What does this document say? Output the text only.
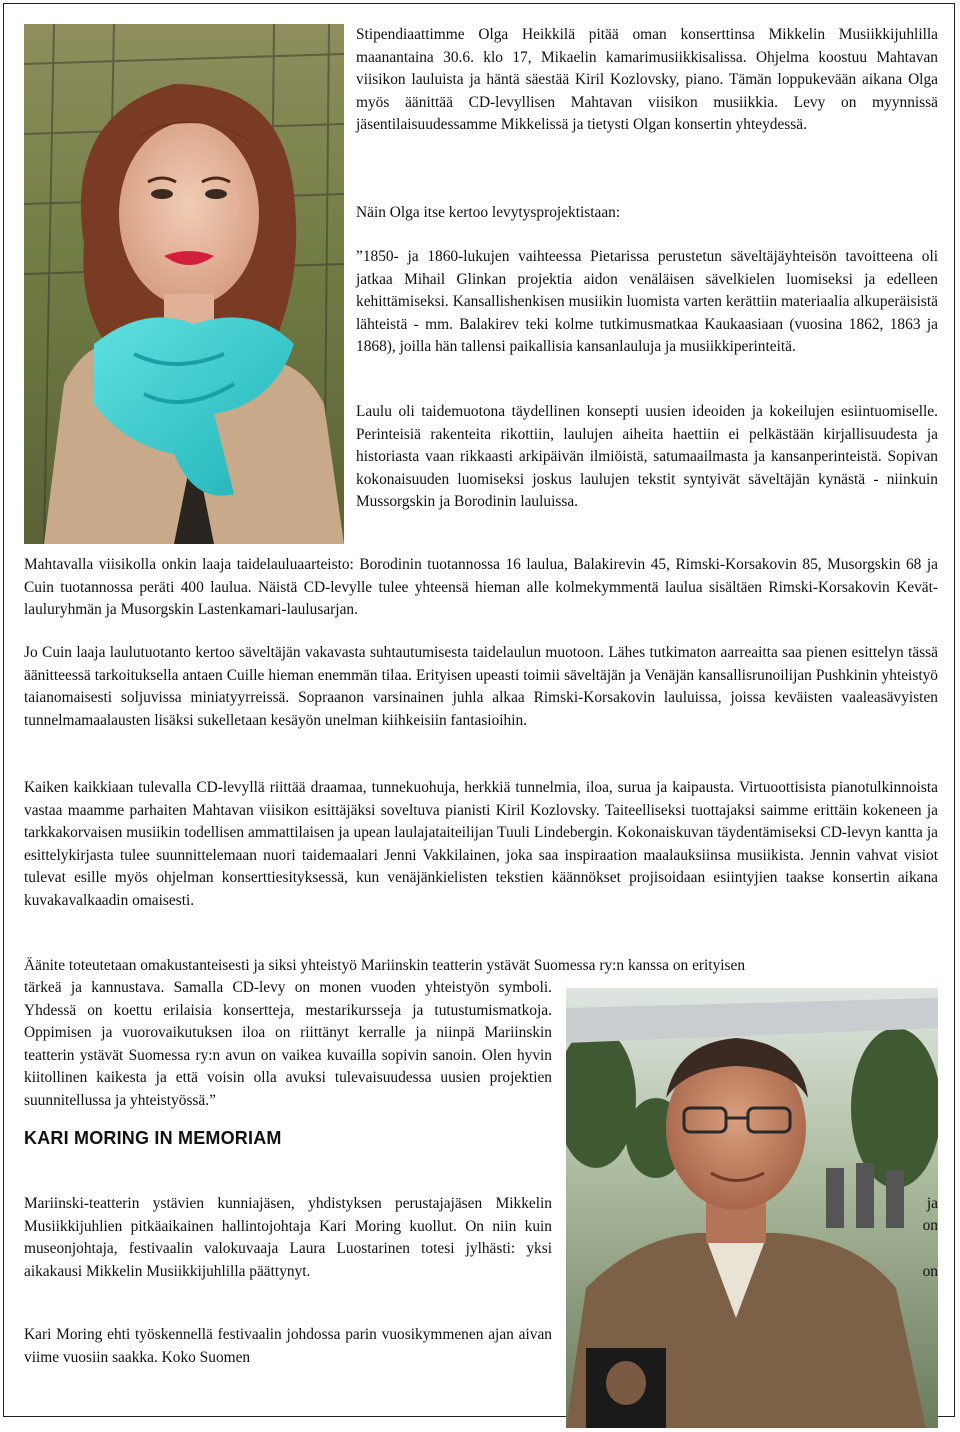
Stipendiaattimme Olga Heikkilä pitää oman konserttinsa Mikkelin Musiikkijuhlilla maanantaina 30.6. klo 17, Mikaelin kamarimusiikkisalissa. Ohjelma koostuu Mahtavan viisikon lauluista ja häntä säestää Kiril Kozlovsky, piano. Tämän loppukevään aikana Olga myös äänittää CD-levyllisen Mahtavan viisikon musiikkia. Levy on myynnissä jäsentilaisuudessamme Mikkelissä ja tietysti Olgan konsertin yhteydessä.

Näin Olga itse kertoo levytysprojektistaan:

”1850- ja 1860-lukujen vaihteessa Pietarissa perustetun säveltäjäyhteisön tavoitteena oli jatkaa Mihail Glinkan projektia aidon venäläisen sävelkielen luomiseksi ja edelleen kehittämiseksi. Kansallishenkisen musiikin luomista varten kerättiin materiaalia alkuperäisistä lähteistä - mm. Balakirev teki kolme tutkimusmatkaa Kaukaasiaan (vuosina 1862, 1863 ja 1868), joilla hän tallensi paikallisia kansanlauluja ja musiikkiperinteitä.

Laulu oli taidemuotona täydellinen konsepti uusien ideoiden ja kokeilujen esiintuomiselle. Perinteisiä rakenteita rikottiin, laulujen aiheita haettiin ei pelkästään kirjallisuudesta ja historiasta vaan rikkaasti arkipäivän ilmiöistä, satumaailmasta ja kansanperinteistä. Sopivan kokonaisuuden luomiseksi joskus laulujen tekstit syntyivät säveltäjän kynästä - niinkuin Mussorgskin ja Borodinin lauluissa.

Mahtavalla viisikolla onkin laaja taidelauluaarteisto: Borodinin tuotannossa 16 laulua, Balakirevin 45, Rimski-Korsakovin 85, Musorgskin 68 ja Cuin tuotannossa peräti 400 laulua. Näistä CD-levylle tulee yhteensä hieman alle kolmekymmentä laulua sisältäen Rimski-Korsakovin Kevät-lauluryhmän ja Musorgskin Lastenkamari-laulusarjan.

Jo Cuin laaja laulutuotanto kertoo säveltäjän vakavasta suhtautumisesta taidelaulun muotoon. Lähes tutkimaton aarreaitta saa pienen esittelyn tässä äänitteessä tarkoituksella antaen Cuille hieman enemmän tilaa. Erityisen upeasti toimii säveltäjän ja Venäjän kansallisrunoilijan Pushkinin yhteistyö taianomaisesti soljuvissa miniatyyrreissä. Sopraanon varsinainen juhla alkaa Rimski-Korsakovin lauluissa, joissa keväisten vaaleasävyisten tunnelmamaalausten lisäksi sukelletaan kesäyön unelman kiihkeisiin fantasioihin.

Kaiken kaikkiaan tulevalla CD-levyllä riittää draamaa, tunnekuohuja, herkkiä tunnelmia, iloa, surua ja kaipausta. Virtuoottisista pianotulkinnoista vastaa maamme parhaiten Mahtavan viisikon esittäjäksi soveltuva pianisti Kiril Kozlovsky. Taiteelliseksi tuottajaksi saimme erittäin kokeneen ja tarkkakorvaisen musiikin todellisen ammattilaisen ja upean laulajataiteilijan Tuuli Lindebergin. Kokonaiskuvan täydentämiseksi CD-levyn kantta ja esittelykirjasta tulee suunnittelemaan nuori taidemaalari Jenni Vakkilainen, joka saa inspiraation maalauksiinsa musiikista. Jennin vahvat visiot tulevat esille myös ohjelman konserttiesityksessä, kun venäjänkielisten tekstien käännökset projisoidaan esiintyjien taakse konsertin aikana kuvakavalkaadin omaisesti.

Äänite toteutetaan omakustanteisesti ja siksi yhteistyö Mariinskin teatterin ystävät Suomessa ry:n kanssa on erityisen

tärkeä ja kannustava. Samalla CD-levy on monen vuoden yhteistyön symboli. Yhdessä on koettu erilaisia konsertteja, mestarikursseja ja tutustumismatkoja. Oppimisen ja vuorovaikutuksen iloa on riittänyt kerralle ja niinpä Mariinskin teatterin ystävät Suomessa ry:n avun on vaikea kuvailla sopivin sanoin. Olen hyvin kiitollinen kaikesta ja että voisin olla avuksi tulevaisuudessa uusien projektien suunnitellussa ja yhteistyössä.”

KARI MORING IN MEMORIAM

Mariinski-teatterin ystävien kunniajäsen, yhdistyksen perustajajäsen Mikkelin Musiikkijuhlien pitkäaikainen hallintojohtaja Kari Moring kuollut. On niin kuin museonjohtaja, festivaalin valokuvaaja Laura Luostarinen totesi jylhästi: yksi aikakausi Mikkelin Musiikkijuhlilla päättynyt.

ja

on

on

Kari Moring ehti työskennellä festivaalin johdossa parin vuosikymmenen ajan aivan viime vuosiin saakka. Koko Suomen
